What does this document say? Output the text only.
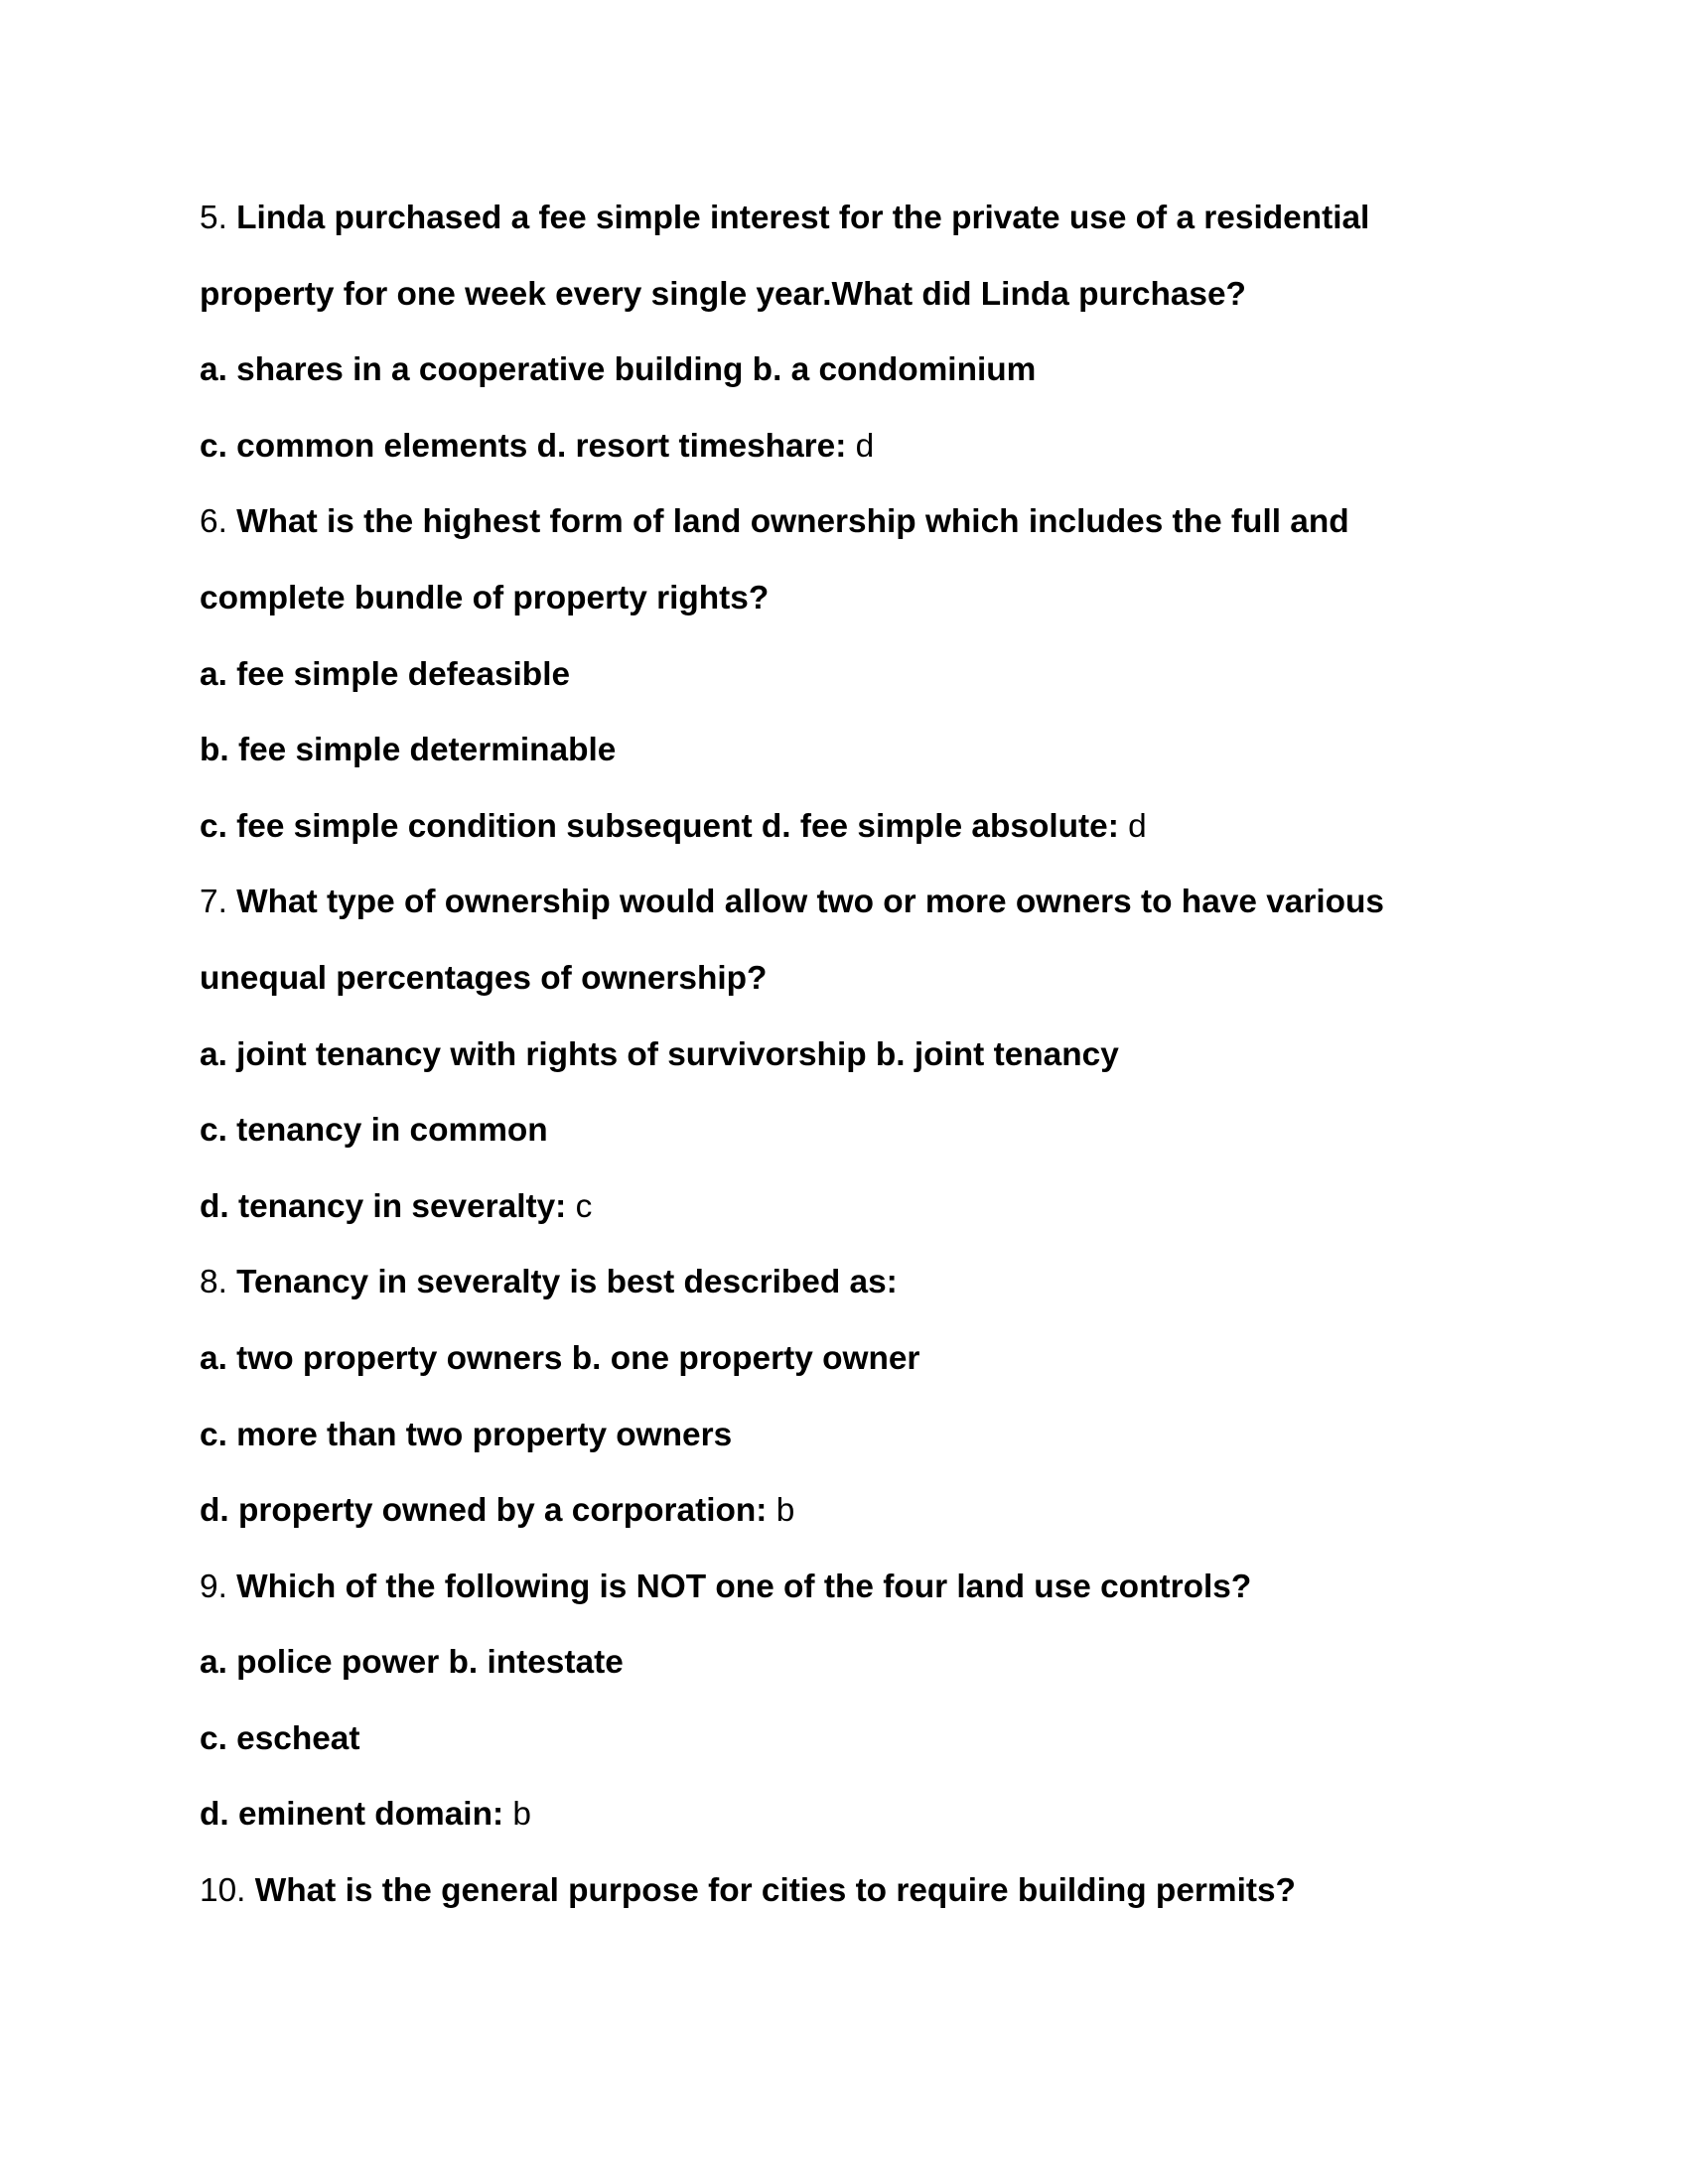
5. Linda purchased a fee simple interest for the private use of a residential
property for one week every single year.What did Linda purchase?
a. shares in a cooperative building b. a condominium
c. common elements d. resort timeshare: d
6. What is the highest form of land ownership which includes the full and
complete bundle of property rights?
a. fee simple defeasible
b. fee simple determinable
c. fee simple condition subsequent d. fee simple absolute: d
7. What type of ownership would allow two or more owners to have various
unequal percentages of ownership?
a. joint tenancy with rights of survivorship b. joint tenancy
c. tenancy in common
d. tenancy in severalty: c
8. Tenancy in severalty is best described as:
a. two property owners b. one property owner
c. more than two property owners
d. property owned by a corporation: b
9. Which of the following is NOT one of the four land use controls?
a. police power b. intestate
c. escheat
d. eminent domain: b
10. What is the general purpose for cities to require building permits?
